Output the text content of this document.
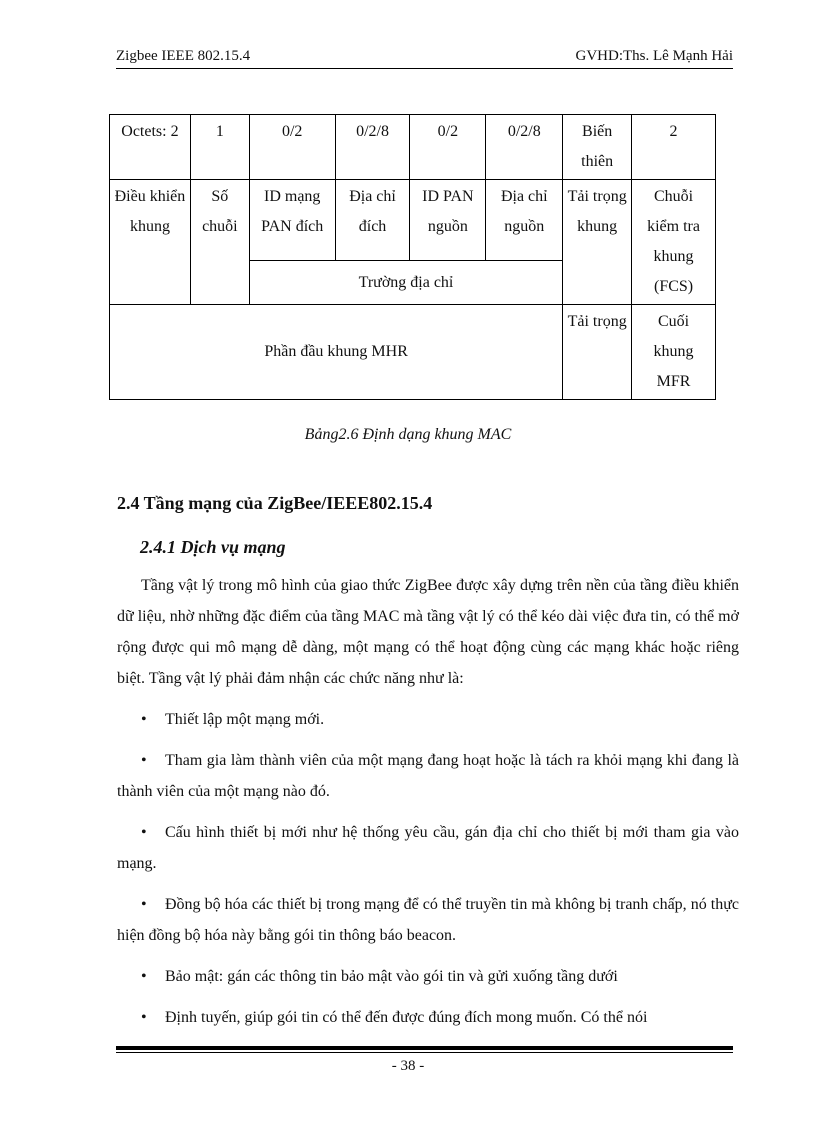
Zigbee IEEE 802.15.4	GVHD:Ths. Lê Mạnh Hải
Octets: 2	1	0/2	0/2/8	0/2	0/2/8	Biến thiên	2
Điều khiển khung	Số chuỗi	ID mạng PAN đích	Địa chỉ đích	ID PAN nguồn	Địa chỉ nguồn	Tải trọng khung	Chuỗi kiểm tra khung (FCS)
		Trường địa chỉ					
Phần đầu khung MHR						Tải trọng	Cuối khung MFR
Bảng2.6 Định dạng khung MAC
2.4 Tầng mạng của ZigBee/IEEE802.15.4
2.4.1 Dịch vụ mạng

Tầng vật lý trong mô hình của giao thức ZigBee được xây dựng trên nền của tầng điều khiển dữ liệu, nhờ những đặc điểm của tầng MAC mà tầng vật lý có thể kéo dài việc đưa tin, có thể mở rộng được qui mô mạng dễ dàng, một mạng có thể hoạt động cùng các mạng khác hoặc riêng biệt. Tầng vật lý phải đảm nhận các chức năng như là:

• Thiết lập một mạng mới.

• Tham gia làm thành viên của một mạng đang hoạt hoặc là tách ra khỏi mạng khi đang là thành viên của một mạng nào đó.

• Cấu hình thiết bị mới như hệ thống yêu cầu, gán địa chỉ cho thiết bị mới tham gia vào mạng.

• Đồng bộ hóa các thiết bị trong mạng để có thể truyền tin mà không bị tranh chấp, nó thực hiện đồng bộ hóa này bằng gói tin thông báo beacon.

• Bảo mật: gán các thông tin bảo mật vào gói tin và gửi xuống tầng dưới

• Định tuyến, giúp gói tin có thể đến được đúng đích mong muốn. Có thể nói

- 38 -
